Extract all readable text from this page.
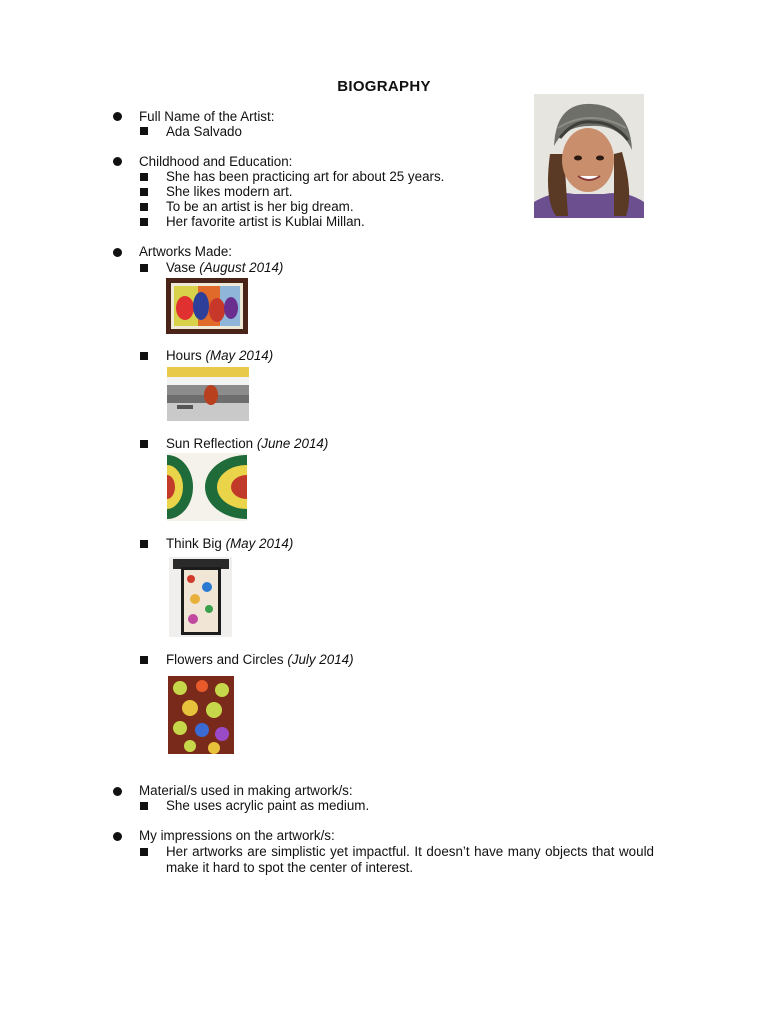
BIOGRAPHY
Full Name of the Artist:
Ada Salvado
Childhood and Education:
She has been practicing art for about 25 years.
She likes modern art.
To be an artist is her big dream.
Her favorite artist is Kublai Millan.
Artworks Made:
Vase (August 2014)
Hours (May 2014)
Sun Reflection (June 2014)
Think Big (May 2014)
Flowers and Circles (July 2014)
Material/s used in making artwork/s:
She uses acrylic paint as medium.
My impressions on the artwork/s:
Her artworks are simplistic yet impactful. It doesn’t have many objects that would make it hard to spot the center of interest.
